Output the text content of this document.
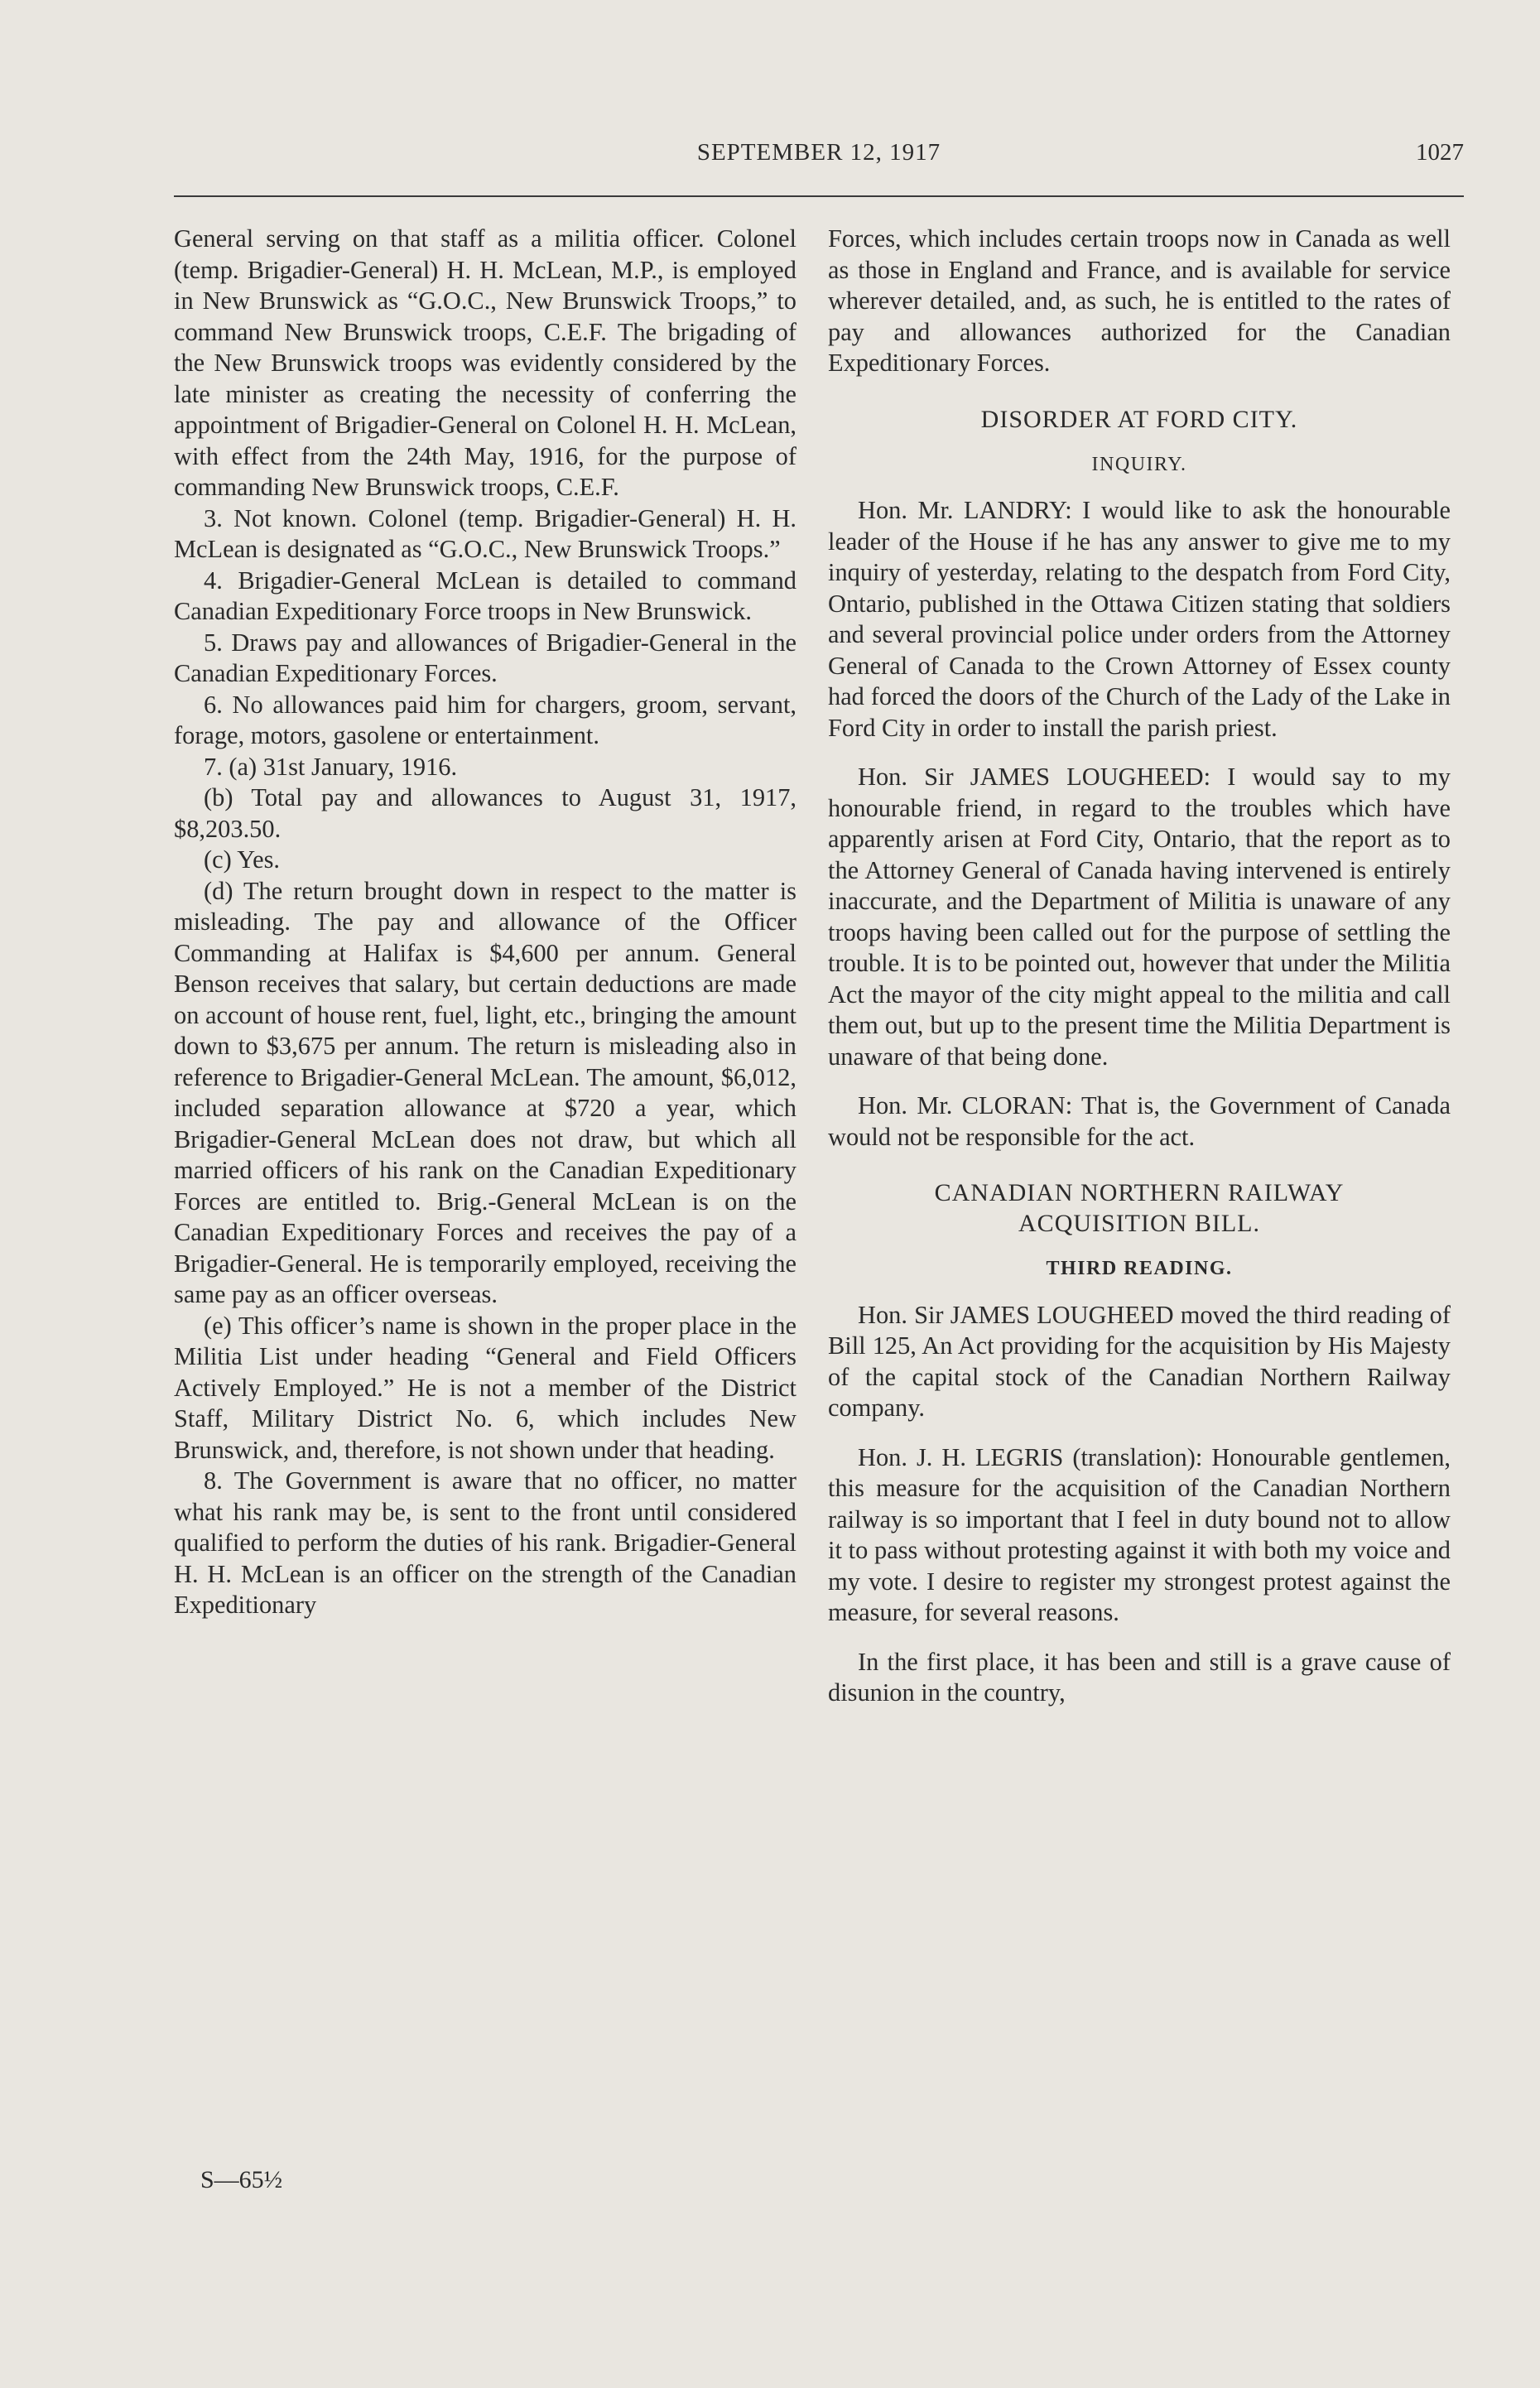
SEPTEMBER 12, 1917	1027

General serving on that staff as a militia officer. Colonel (temp. Brigadier-General) H. H. McLean, M.P., is employed in New Brunswick as “G.O.C., New Brunswick Troops,” to command New Brunswick troops, C.E.F. The brigading of the New Brunswick troops was evidently considered by the late minister as creating the necessity of conferring the appointment of Brigadier-General on Colonel H. H. McLean, with effect from the 24th May, 1916, for the purpose of commanding New Brunswick troops, C.E.F.

3. Not known. Colonel (temp. Brigadier-General) H. H. McLean is designated as “G.O.C., New Brunswick Troops.”

4. Brigadier-General McLean is detailed to command Canadian Expeditionary Force troops in New Brunswick.

5. Draws pay and allowances of Brigadier-General in the Canadian Expeditionary Forces.

6. No allowances paid him for chargers, groom, servant, forage, motors, gasolene or entertainment.

7. (a) 31st January, 1916.

(b) Total pay and allowances to August 31, 1917, $8,203.50.

(c) Yes.

(d) The return brought down in respect to the matter is misleading. The pay and allowance of the Officer Commanding at Halifax is $4,600 per annum. General Benson receives that salary, but certain deductions are made on account of house rent, fuel, light, etc., bringing the amount down to $3,675 per annum. The return is misleading also in reference to Brigadier-General McLean. The amount, $6,012, included separation allowance at $720 a year, which Brigadier-General McLean does not draw, but which all married officers of his rank on the Canadian Expeditionary Forces are entitled to. Brig.-General McLean is on the Canadian Expeditionary Forces and receives the pay of a Brigadier-General. He is temporarily employed, receiving the same pay as an officer overseas.

(e) This officer’s name is shown in the proper place in the Militia List under heading “General and Field Officers Actively Employed.” He is not a member of the District Staff, Military District No. 6, which includes New Brunswick, and, therefore, is not shown under that heading.

8. The Government is aware that no officer, no matter what his rank may be, is sent to the front until considered qualified to perform the duties of his rank. Brigadier-General H. H. McLean is an officer on the strength of the Canadian Expeditionary

S—65½

Forces, which includes certain troops now in Canada as well as those in England and France, and is available for service wherever detailed, and, as such, he is entitled to the rates of pay and allowances authorized for the Canadian Expeditionary Forces.

DISORDER AT FORD CITY.
INQUIRY.

Hon. Mr. LANDRY: I would like to ask the honourable leader of the House if he has any answer to give me to my inquiry of yesterday, relating to the despatch from Ford City, Ontario, published in the Ottawa Citizen stating that soldiers and several provincial police under orders from the Attorney General of Canada to the Crown Attorney of Essex county had forced the doors of the Church of the Lady of the Lake in Ford City in order to install the parish priest.

Hon. Sir JAMES LOUGHEED: I would say to my honourable friend, in regard to the troubles which have apparently arisen at Ford City, Ontario, that the report as to the Attorney General of Canada having intervened is entirely inaccurate, and the Department of Militia is unaware of any troops having been called out for the purpose of settling the trouble. It is to be pointed out, however that under the Militia Act the mayor of the city might appeal to the militia and call them out, but up to the present time the Militia Department is unaware of that being done.

Hon. Mr. CLORAN: That is, the Government of Canada would not be responsible for the act.

CANADIAN NORTHERN RAILWAY
ACQUISITION BILL.
THIRD READING.

Hon. Sir JAMES LOUGHEED moved the third reading of Bill 125, An Act providing for the acquisition by His Majesty of the capital stock of the Canadian Northern Railway company.

Hon. J. H. LEGRIS (translation): Honourable gentlemen, this measure for the acquisition of the Canadian Northern railway is so important that I feel in duty bound not to allow it to pass without protesting against it with both my voice and my vote. I desire to register my strongest protest against the measure, for several reasons.

In the first place, it has been and still is a grave cause of disunion in the country,
